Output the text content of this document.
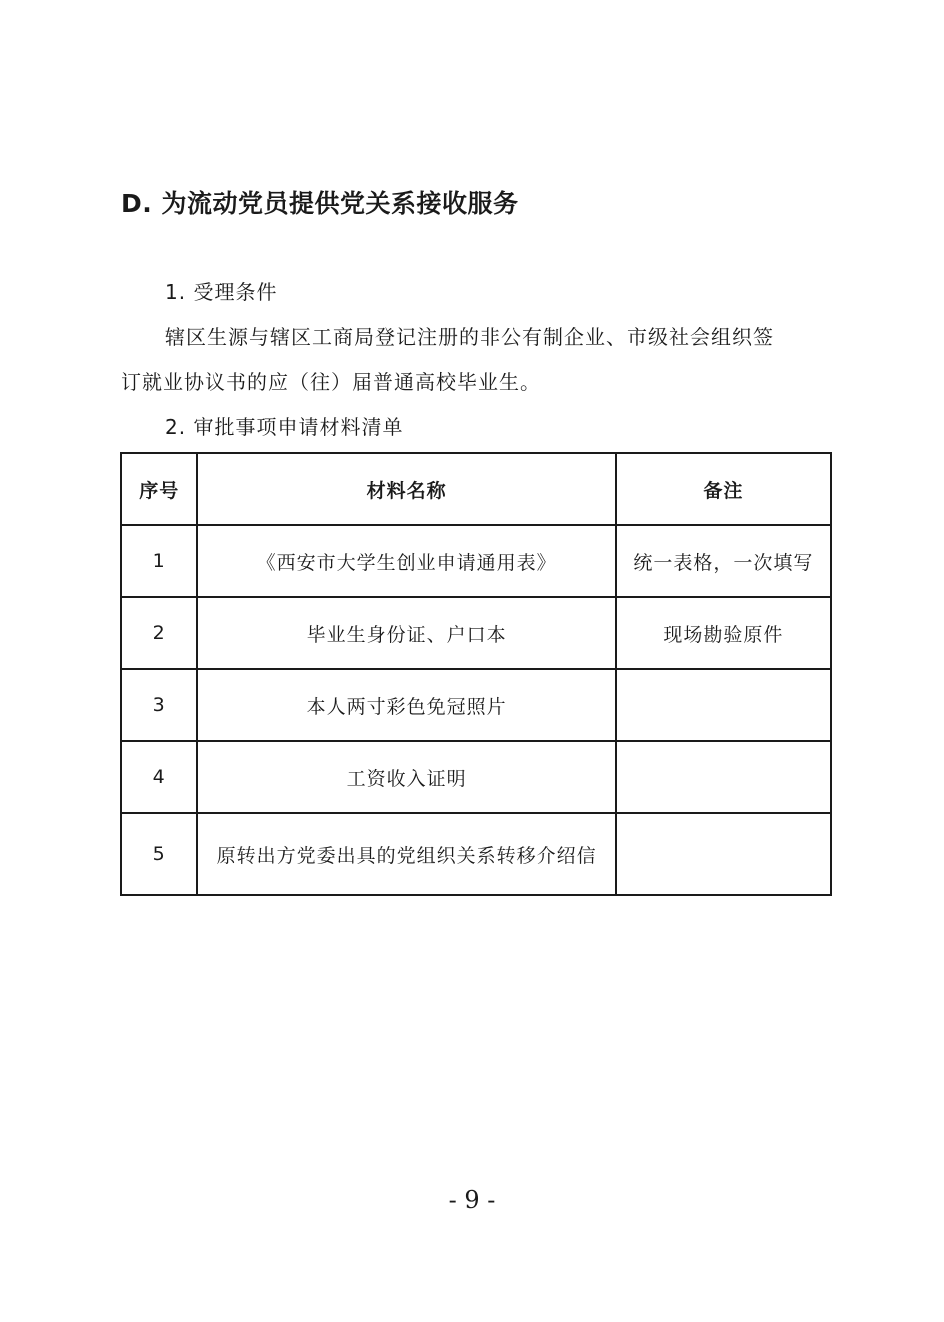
D. 为流动党员提供党关系接收服务
1. 受理条件
辖区生源与辖区工商局登记注册的非公有制企业、市级社会组织签
订就业协议书的应（往）届普通高校毕业生。
2. 审批事项申请材料清单
序号	材料名称	备注
1	《西安市大学生创业申请通用表》	统一表格，一次填写
2	毕业生身份证、户口本	现场勘验原件
3	本人两寸彩色免冠照片	
4	工资收入证明	
5	原转出方党委出具的党组织关系转移介绍信	
- 9 -
